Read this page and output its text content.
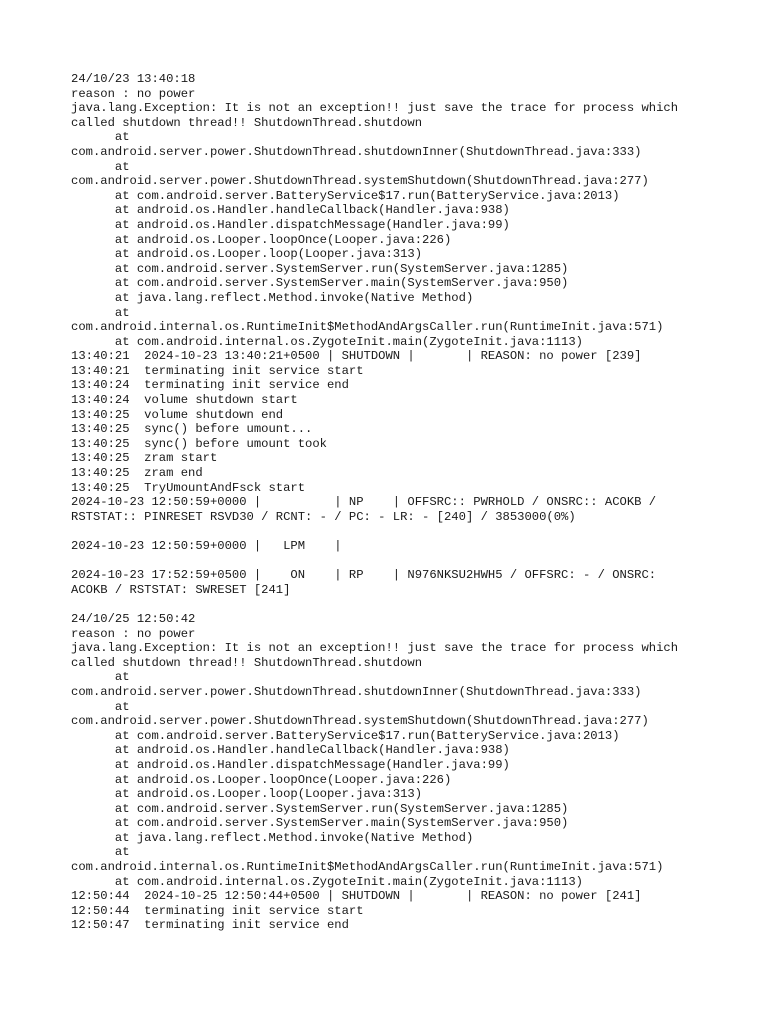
24/10/23 13:40:18
reason : no power
java.lang.Exception: It is not an exception!! just save the trace for process which
called shutdown thread!! ShutdownThread.shutdown
at
com.android.server.power.ShutdownThread.shutdownInner(ShutdownThread.java:333)
at
com.android.server.power.ShutdownThread.systemShutdown(ShutdownThread.java:277)
at com.android.server.BatteryService$17.run(BatteryService.java:2013)
at android.os.Handler.handleCallback(Handler.java:938)
at android.os.Handler.dispatchMessage(Handler.java:99)
at android.os.Looper.loopOnce(Looper.java:226)
at android.os.Looper.loop(Looper.java:313)
at com.android.server.SystemServer.run(SystemServer.java:1285)
at com.android.server.SystemServer.main(SystemServer.java:950)
at java.lang.reflect.Method.invoke(Native Method)
at
com.android.internal.os.RuntimeInit$MethodAndArgsCaller.run(RuntimeInit.java:571)
at com.android.internal.os.ZygoteInit.main(ZygoteInit.java:1113)
13:40:21  2024-10-23 13:40:21+0500 | SHUTDOWN |       | REASON: no power [239]
13:40:21  terminating init service start
13:40:24  terminating init service end
13:40:24  volume shutdown start
13:40:25  volume shutdown end
13:40:25  sync() before umount...
13:40:25  sync() before umount took
13:40:25  zram start
13:40:25  zram end
13:40:25  TryUmountAndFsck start
2024-10-23 12:50:59+0000 |          | NP    | OFFSRC:: PWRHOLD / ONSRC:: ACOKB /
RSTSTAT:: PINRESET RSVD30 / RCNT: - / PC: - LR: - [240] / 3853000(0%)
2024-10-23 12:50:59+0000 |   LPM    |
2024-10-23 17:52:59+0500 |    ON    | RP    | N976NKSU2HWH5 / OFFSRC: - / ONSRC:
ACOKB / RSTSTAT: SWRESET [241]
24/10/25 12:50:42
reason : no power
java.lang.Exception: It is not an exception!! just save the trace for process which
called shutdown thread!! ShutdownThread.shutdown
at
com.android.server.power.ShutdownThread.shutdownInner(ShutdownThread.java:333)
at
com.android.server.power.ShutdownThread.systemShutdown(ShutdownThread.java:277)
at com.android.server.BatteryService$17.run(BatteryService.java:2013)
at android.os.Handler.handleCallback(Handler.java:938)
at android.os.Handler.dispatchMessage(Handler.java:99)
at android.os.Looper.loopOnce(Looper.java:226)
at android.os.Looper.loop(Looper.java:313)
at com.android.server.SystemServer.run(SystemServer.java:1285)
at com.android.server.SystemServer.main(SystemServer.java:950)
at java.lang.reflect.Method.invoke(Native Method)
at
com.android.internal.os.RuntimeInit$MethodAndArgsCaller.run(RuntimeInit.java:571)
at com.android.internal.os.ZygoteInit.main(ZygoteInit.java:1113)
12:50:44  2024-10-25 12:50:44+0500 | SHUTDOWN |       | REASON: no power [241]
12:50:44  terminating init service start
12:50:47  terminating init service end
